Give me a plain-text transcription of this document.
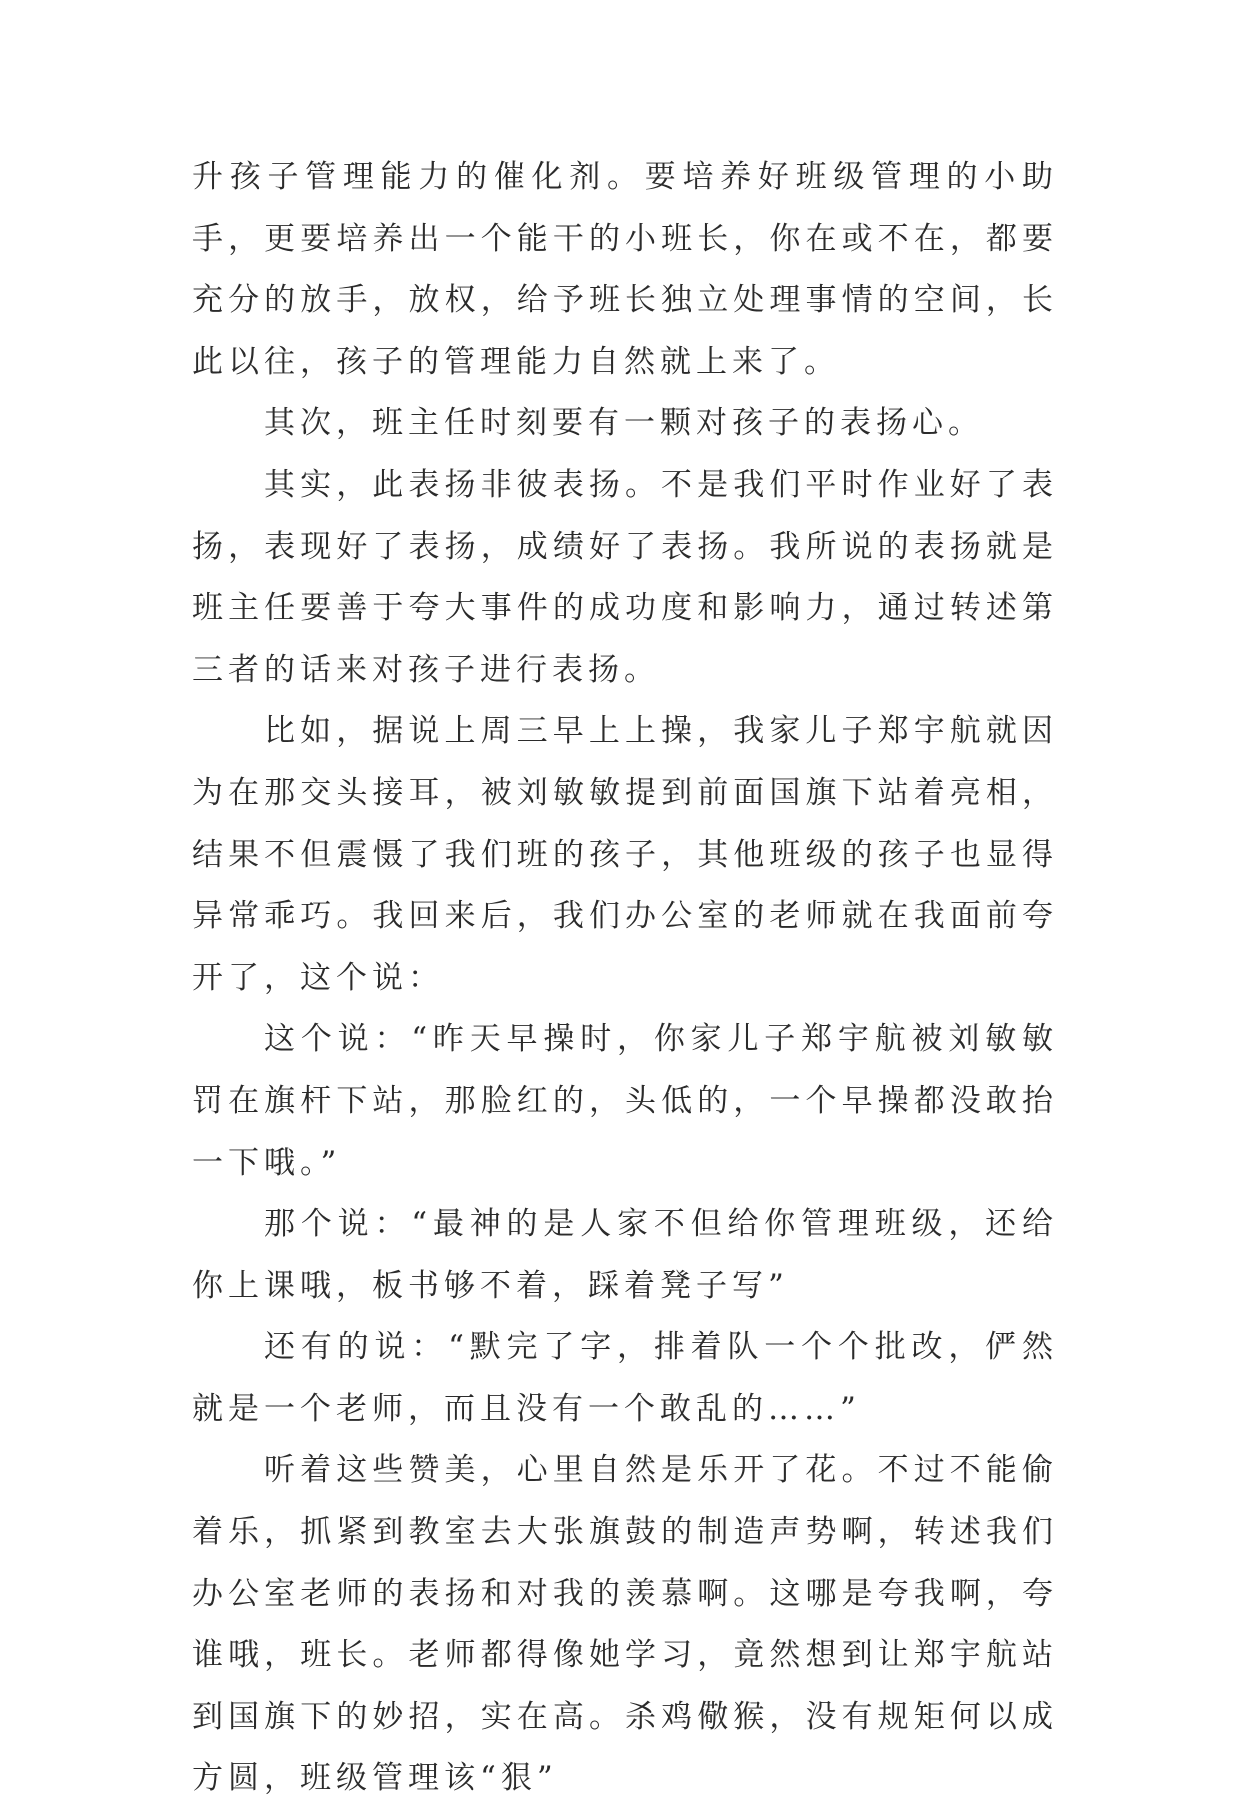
升孩子管理能力的催化剂。要培养好班级管理的小助手，更要培养出一个能干的小班长，你在或不在，都要充分的放手，放权，给予班长独立处理事情的空间，长此以往，孩子的管理能力自然就上来了。

其次，班主任时刻要有一颗对孩子的表扬心。

其实，此表扬非彼表扬。不是我们平时作业好了表扬，表现好了表扬，成绩好了表扬。我所说的表扬就是班主任要善于夸大事件的成功度和影响力，通过转述第三者的话来对孩子进行表扬。

比如，据说上周三早上上操，我家儿子郑宇航就因为在那交头接耳，被刘敏敏提到前面国旗下站着亮相，结果不但震慑了我们班的孩子，其他班级的孩子也显得异常乖巧。我回来后，我们办公室的老师就在我面前夸开了，这个说：

这个说：“昨天早操时，你家儿子郑宇航被刘敏敏罚在旗杆下站，那脸红的，头低的，一个早操都没敢抬一下哦。”

那个说：“最神的是人家不但给你管理班级，还给你上课哦，板书够不着，踩着凳子写”

还有的说：“默完了字，排着队一个个批改，俨然就是一个老师，而且没有一个敢乱的……”

听着这些赞美，心里自然是乐开了花。不过不能偷着乐，抓紧到教室去大张旗鼓的制造声势啊，转述我们办公室老师的表扬和对我的羡慕啊。这哪是夸我啊，夸谁哦，班长。老师都得像她学习，竟然想到让郑宇航站到国旗下的妙招，实在高。杀鸡儆猴，没有规矩何以成方圆，班级管理该“狠”
